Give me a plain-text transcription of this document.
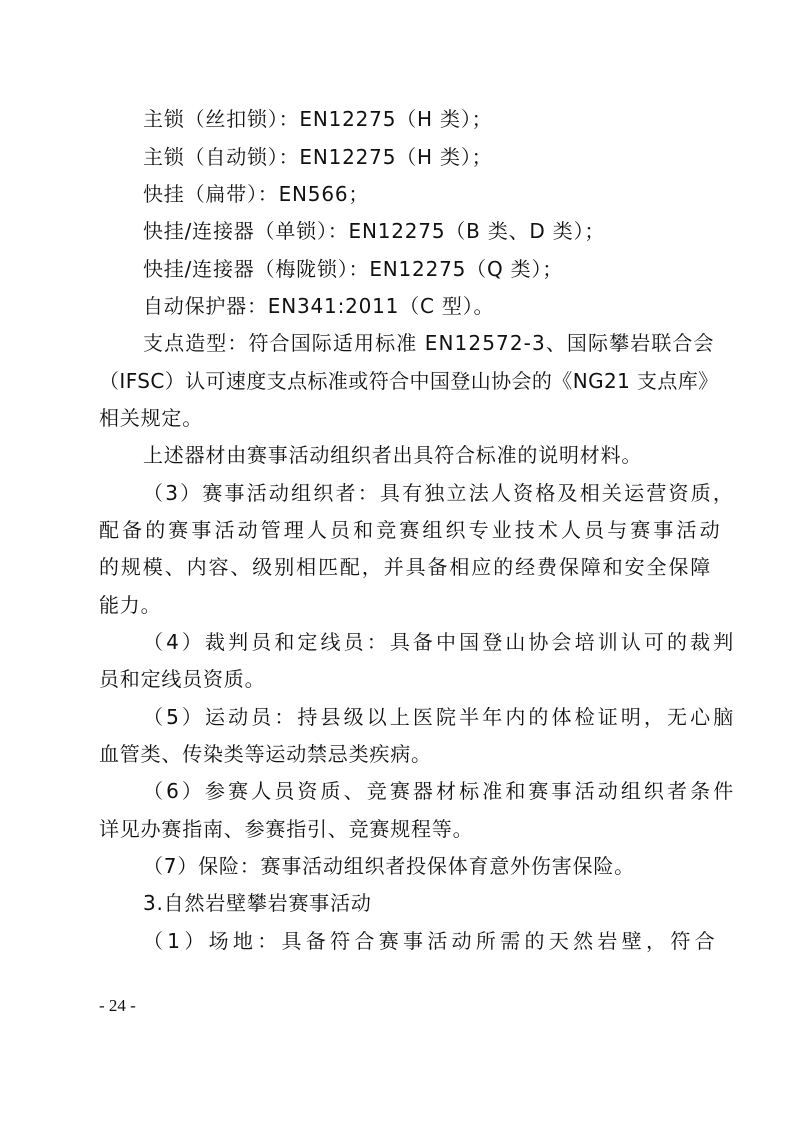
主锁（丝扣锁）：EN12275（H 类）；
主锁（自动锁）：EN12275（H 类）；
快挂（扁带）：EN566；
快挂/连接器（单锁）：EN12275（B 类、D 类）；
快挂/连接器（梅陇锁）：EN12275（Q 类）；
自动保护器：EN341:2011（C 型）。
支点造型：符合国际适用标准 EN12572-3、国际攀岩联合会
（IFSC）认可速度支点标准或符合中国登山协会的《NG21 支点库》
相关规定。
上述器材由赛事活动组织者出具符合标准的说明材料。
（3）赛事活动组织者：具有独立法人资格及相关运营资质，
配备的赛事活动管理人员和竞赛组织专业技术人员与赛事活动
的规模、内容、级别相匹配，并具备相应的经费保障和安全保障
能力。
（4）裁判员和定线员：具备中国登山协会培训认可的裁判
员和定线员资质。
（5）运动员：持县级以上医院半年内的体检证明，无心脑
血管类、传染类等运动禁忌类疾病。
（6）参赛人员资质、竞赛器材标准和赛事活动组织者条件
详见办赛指南、参赛指引、竞赛规程等。
（7）保险：赛事活动组织者投保体育意外伤害保险。
3.自然岩壁攀岩赛事活动
（1）场地：具备符合赛事活动所需的天然岩壁，符合
- 24 -
